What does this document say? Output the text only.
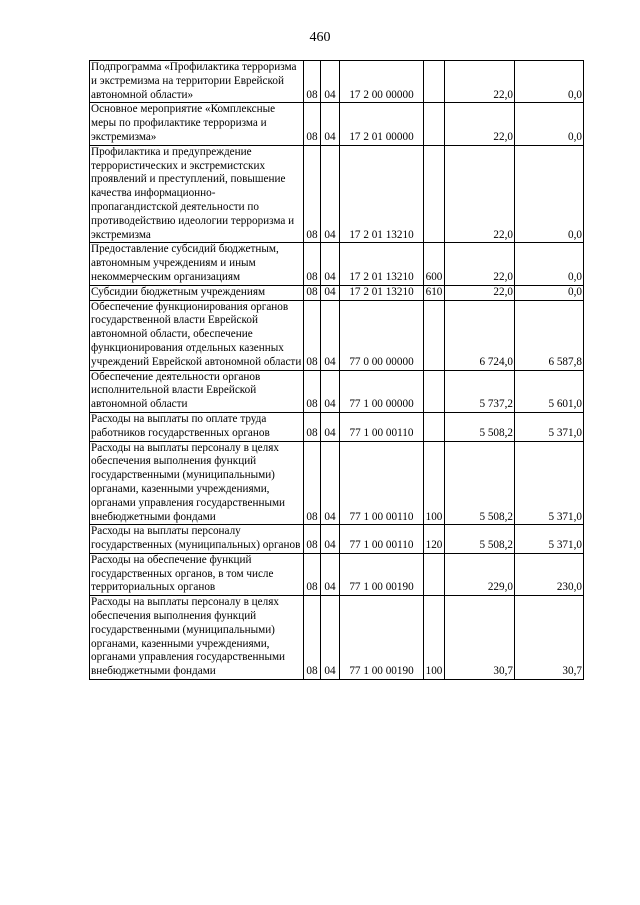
460
Подпрограмма «Профилактика терроризма и экстремизма на территории Еврейской автономной области»	08	04	17 2 00 00000		22,0	0,0
Основное мероприятие «Комплексные меры по профилактике терроризма и экстремизма»	08	04	17 2 01 00000		22,0	0,0
Профилактика и предупреждение террористических и экстремистских проявлений и преступлений, повышение качества информационно-пропагандистской деятельности по противодействию идеологии терроризма и экстремизма	08	04	17 2 01 13210		22,0	0,0
Предоставление субсидий бюджетным, автономным учреждениям и иным некоммерческим организациям	08	04	17 2 01 13210	600	22,0	0,0
Субсидии бюджетным учреждениям	08	04	17 2 01 13210	610	22,0	0,0
Обеспечение функционирования органов государственной власти Еврейской автономной области, обеспечение функционирования отдельных казенных учреждений Еврейской автономной области	08	04	77 0 00 00000		6 724,0	6 587,8
Обеспечение деятельности органов исполнительной власти Еврейской автономной области	08	04	77 1 00 00000		5 737,2	5 601,0
Расходы на выплаты по оплате труда работников государственных органов	08	04	77 1 00 00110		5 508,2	5 371,0
Расходы на выплаты персоналу в целях обеспечения выполнения функций государственными (муниципальными) органами, казенными учреждениями, органами управления государственными внебюджетными фондами	08	04	77 1 00 00110	100	5 508,2	5 371,0
Расходы на выплаты персоналу государственных (муниципальных) органов	08	04	77 1 00 00110	120	5 508,2	5 371,0
Расходы на обеспечение функций государственных органов, в том числе территориальных органов	08	04	77 1 00 00190		229,0	230,0
Расходы на выплаты персоналу в целях обеспечения выполнения функций государственными (муниципальными) органами, казенными учреждениями, органами управления государственными внебюджетными фондами	08	04	77 1 00 00190	100	30,7	30,7
